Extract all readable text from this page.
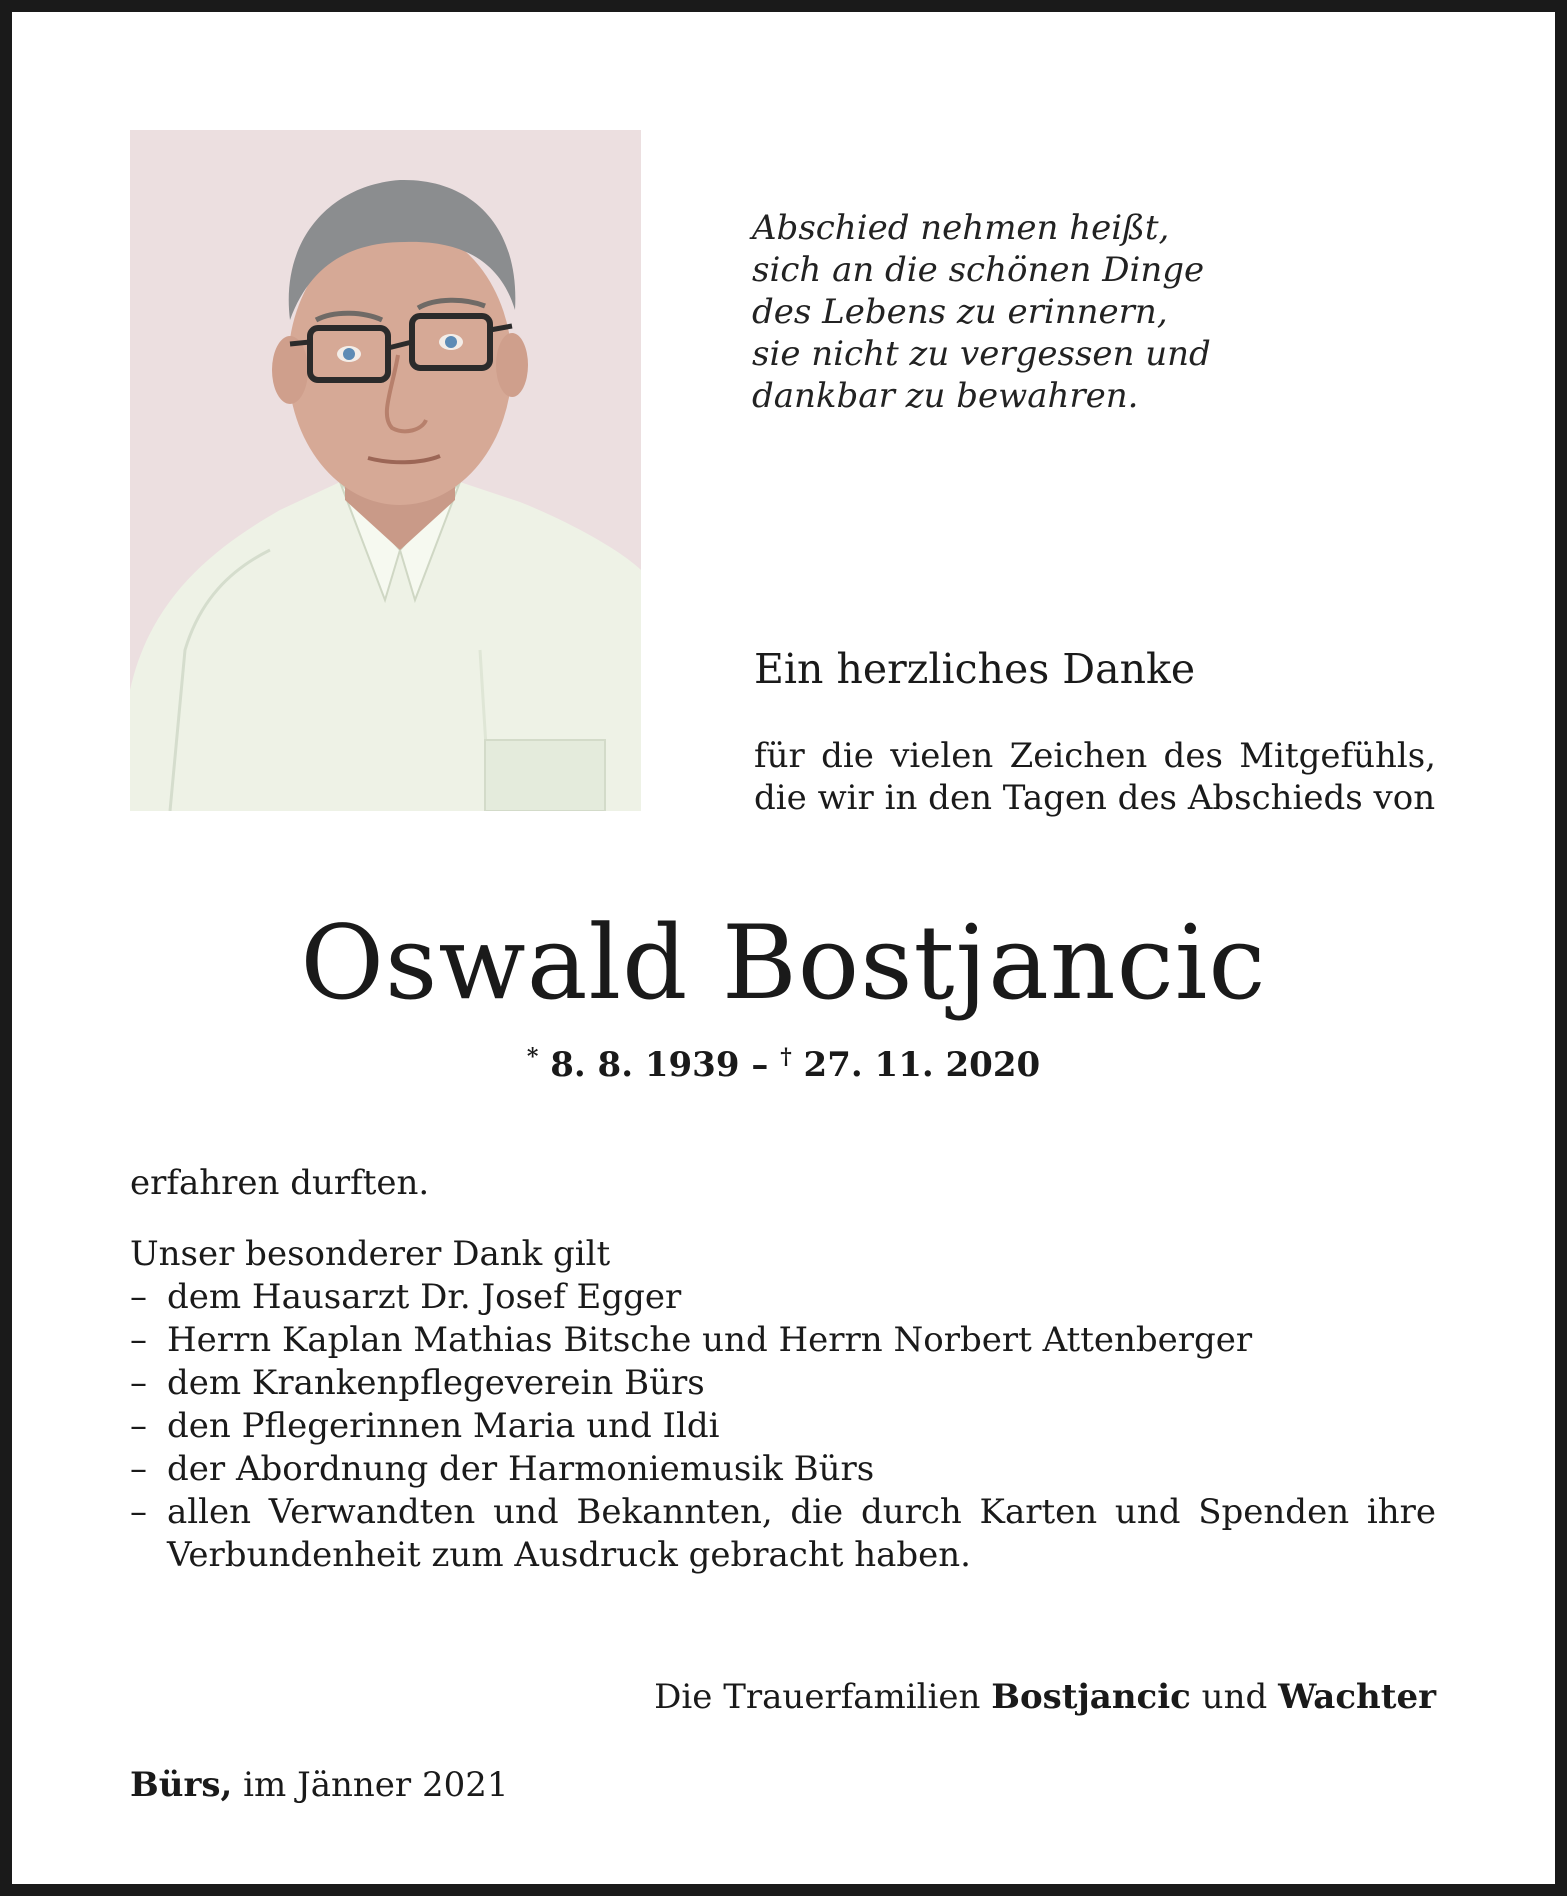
Abschied nehmen heißt,
sich an die schönen Dinge
des Lebens zu erinnern,
sie nicht zu vergessen und
dankbar zu bewahren.
Ein herzliches Danke
für die vielen Zeichen des Mitgefühls,
die wir in den Tagen des Abschieds von
Oswald Bostjancic
* 8. 8. 1939 – † 27. 11. 2020
erfahren durften.
Unser besonderer Dank gilt
– dem Hausarzt Dr. Josef Egger
– Herrn Kaplan Mathias Bitsche und Herrn Norbert Attenberger
– dem Krankenpflegeverein Bürs
– den Pflegerinnen Maria und Ildi
– der Abordnung der Harmoniemusik Bürs
– allen Verwandten und Bekannten, die durch Karten und Spenden ihre Verbundenheit zum Ausdruck gebracht haben.
Die Trauerfamilien Bostjancic und Wachter
Bürs, im Jänner 2021
